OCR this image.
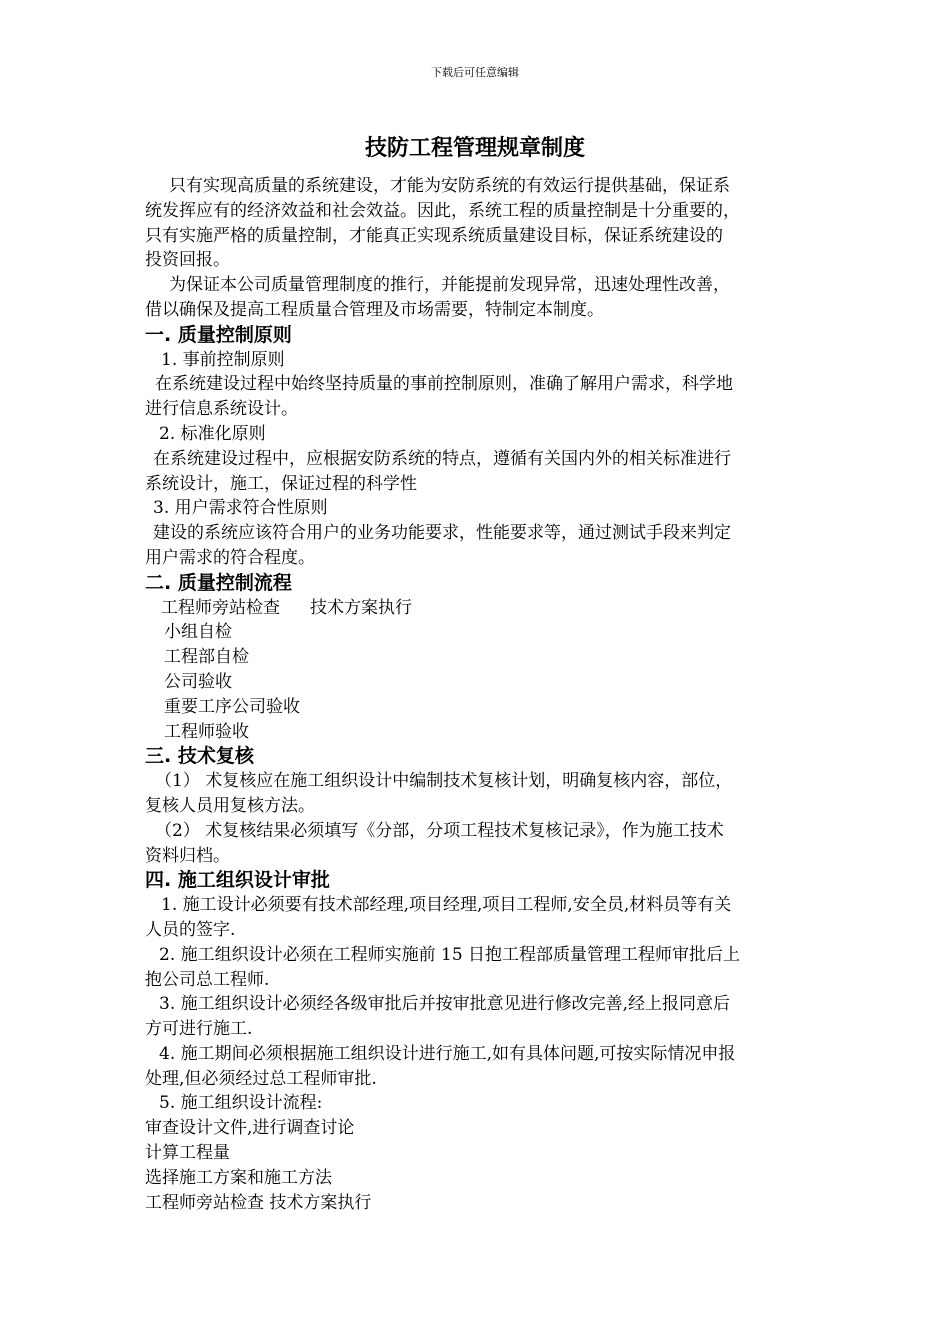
下载后可任意编辑
技防工程管理规章制度
只有实现高质量的系统建设，才能为安防系统的有效运行提供基础，保证系
统发挥应有的经济效益和社会效益。因此，系统工程的质量控制是十分重要的，
只有实施严格的质量控制，才能真正实现系统质量建设目标，保证系统建设的
投资回报。
为保证本公司质量管理制度的推行，并能提前发现异常，迅速处理性改善，
借以确保及提高工程质量合管理及市场需要，特制定本制度。
一. 质量控制原则
1. 事前控制原则
在系统建设过程中始终坚持质量的事前控制原则，准确了解用户需求，科学地
进行信息系统设计。
2. 标准化原则
在系统建设过程中，应根据安防系统的特点，遵循有关国内外的相关标准进行
系统设计，施工，保证过程的科学性
3. 用户需求符合性原则
建设的系统应该符合用户的业务功能要求，性能要求等，通过测试手段来判定
用户需求的符合程度。
二. 质量控制流程
工程师旁站检查 技术方案执行
小组自检
工程部自检
公司验收
重要工序公司验收
工程师验收
三. 技术复核
（1） 术复核应在施工组织设计中编制技术复核计划，明确复核内容，部位，
复核人员用复核方法。
（2） 术复核结果必须填写《分部，分项工程技术复核记录》，作为施工技术
资料归档。
四. 施工组织设计审批
1. 施工设计必须要有技术部经理,项目经理,项目工程师,安全员,材料员等有关
人员的签字.
2. 施工组织设计必须在工程师实施前 15 日抱工程部质量管理工程师审批后上
抱公司总工程师.
3. 施工组织设计必须经各级审批后并按审批意见进行修改完善,经上报同意后
方可进行施工.
4. 施工期间必须根据施工组织设计进行施工,如有具体问题,可按实际情况申报
处理,但必须经过总工程师审批.
5. 施工组织设计流程:
审查设计文件,进行调查讨论
计算工程量
选择施工方案和施工方法
工程师旁站检查 技术方案执行
